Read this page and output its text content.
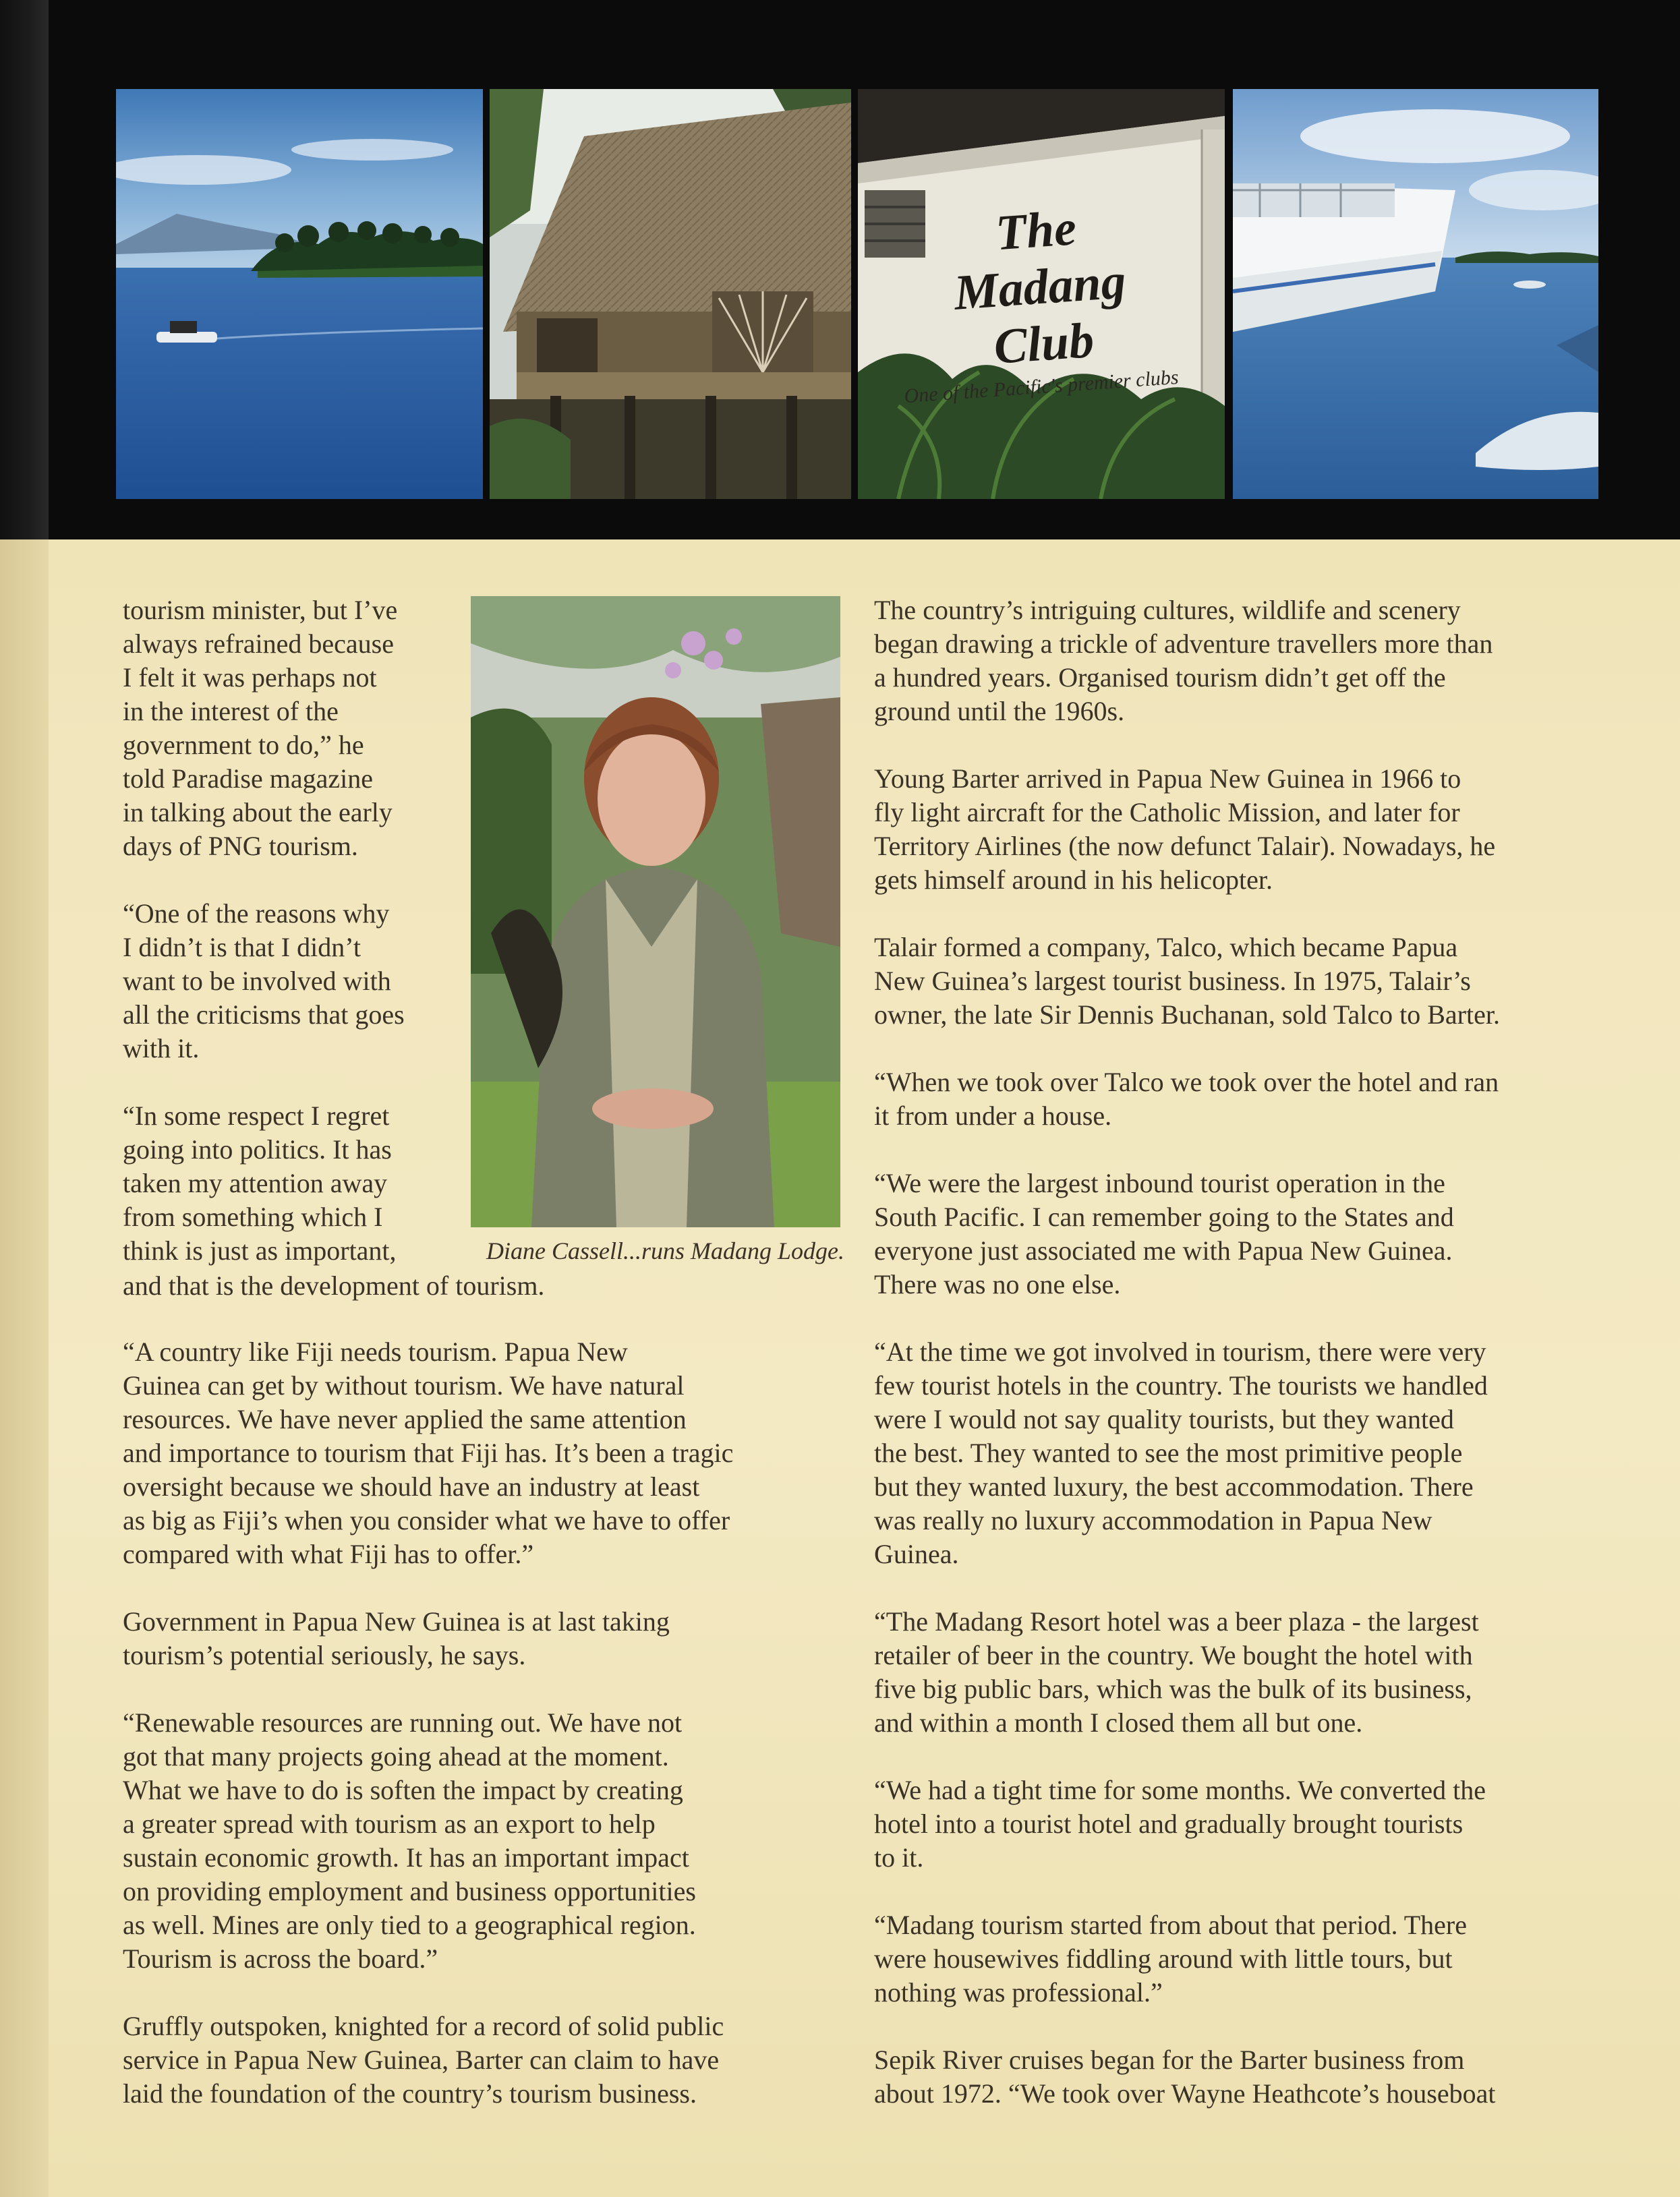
The Madang Club
One of the Pacific's premier clubs

tourism minister, but I’ve
always refrained because
I felt it was perhaps not
in the interest of the
government to do,” he
told Paradise magazine
in talking about the early
days of PNG tourism.

“One of the reasons why
I didn’t is that I didn’t
want to be involved with
all the criticisms that goes
with it.

“In some respect I regret
going into politics. It has
taken my attention away
from something which I
think is just as important,

and that is the development of tourism.

Diane Cassell...runs Madang Lodge.

“A country like Fiji needs tourism. Papua New
Guinea can get by without tourism. We have natural
resources. We have never applied the same attention
and importance to tourism that Fiji has. It’s been a tragic
oversight because we should have an industry at least
as big as Fiji’s when you consider what we have to offer
compared with what Fiji has to offer.”

Government in Papua New Guinea is at last taking
tourism’s potential seriously, he says.

“Renewable resources are running out. We have not
got that many projects going ahead at the moment.
What we have to do is soften the impact by creating
a greater spread with tourism as an export to help
sustain economic growth. It has an important impact
on providing employment and business opportunities
as well. Mines are only tied to a geographical region.
Tourism is across the board.”

Gruffly outspoken, knighted for a record of solid public
service in Papua New Guinea, Barter can claim to have
laid the foundation of the country’s tourism business.

The country’s intriguing cultures, wildlife and scenery
began drawing a trickle of adventure travellers more than
a hundred years. Organised tourism didn’t get off the
ground until the 1960s.

Young Barter arrived in Papua New Guinea in 1966 to
fly light aircraft for the Catholic Mission, and later for
Territory Airlines (the now defunct Talair). Nowadays, he
gets himself around in his helicopter.

Talair formed a company, Talco, which became Papua
New Guinea’s largest tourist business. In 1975, Talair’s
owner, the late Sir Dennis Buchanan, sold Talco to Barter.

“When we took over Talco we took over the hotel and ran
it from under a house.

“We were the largest inbound tourist operation in the
South Pacific. I can remember going to the States and
everyone just associated me with Papua New Guinea.
There was no one else.

“At the time we got involved in tourism, there were very
few tourist hotels in the country. The tourists we handled
were I would not say quality tourists, but they wanted
the best. They wanted to see the most primitive people
but they wanted luxury, the best accommodation. There
was really no luxury accommodation in Papua New
Guinea.

“The Madang Resort hotel was a beer plaza - the largest
retailer of beer in the country. We bought the hotel with
five big public bars, which was the bulk of its business,
and within a month I closed them all but one.

“We had a tight time for some months. We converted the
hotel into a tourist hotel and gradually brought tourists
to it.

“Madang tourism started from about that period. There
were housewives fiddling around with little tours, but
nothing was professional.”

Sepik River cruises began for the Barter business from
about 1972. “We took over Wayne Heathcote’s houseboat
